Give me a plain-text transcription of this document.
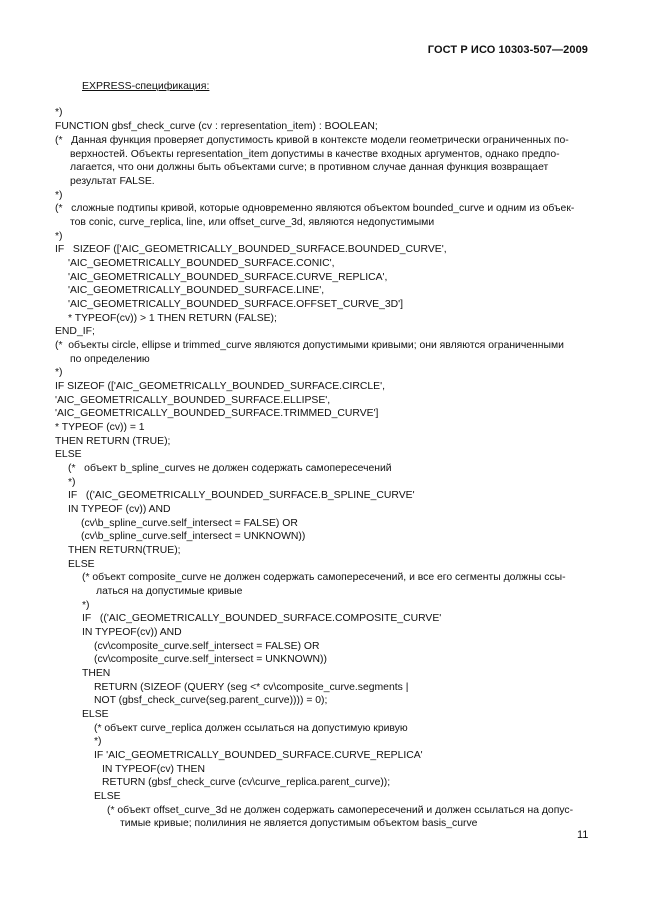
ГОСТ Р ИСО 10303-507—2009
EXPRESS-спецификация:
*)
FUNCTION gbsf_check_curve (cv : representation_item) : BOOLEAN;
(*   Данная функция проверяет допустимость кривой в контексте модели геометрически ограниченных по-
верхностей. Объекты representation_item допустимы в качестве входных аргументов, однако предпо-
лагается, что они должны быть объектами curve; в противном случае данная функция возвращает
результат FALSE.
*)
(*   сложные подтипы кривой, которые одновременно являются объектом bounded_curve и одним из объек-
тов conic, curve_replica, line, или offset_curve_3d, являются недопустимыми
*)
IF   SIZEOF (['AIC_GEOMETRICALLY_BOUNDED_SURFACE.BOUNDED_CURVE',
'AIC_GEOMETRICALLY_BOUNDED_SURFACE.CONIC',
'AIC_GEOMETRICALLY_BOUNDED_SURFACE.CURVE_REPLICA',
'AIC_GEOMETRICALLY_BOUNDED_SURFACE.LINE',
'AIC_GEOMETRICALLY_BOUNDED_SURFACE.OFFSET_CURVE_3D']
* TYPEOF(cv)) > 1 THEN RETURN (FALSE);
END_IF;
(*  объекты circle, ellipse и trimmed_curve являются допустимыми кривыми; они являются ограниченными
по определению
*)
IF SIZEOF (['AIC_GEOMETRICALLY_BOUNDED_SURFACE.CIRCLE',
'AIC_GEOMETRICALLY_BOUNDED_SURFACE.ELLIPSE',
'AIC_GEOMETRICALLY_BOUNDED_SURFACE.TRIMMED_CURVE']
* TYPEOF (cv)) = 1
THEN RETURN (TRUE);
ELSE
(*   объект b_spline_curves не должен содержать самопересечений
*)
IF   (('AIC_GEOMETRICALLY_BOUNDED_SURFACE.B_SPLINE_CURVE'
IN TYPEOF (cv)) AND
(cv\b_spline_curve.self_intersect = FALSE) OR
(cv\b_spline_curve.self_intersect = UNKNOWN))
THEN RETURN(TRUE);
ELSE
(* объект composite_curve не должен содержать самопересечений, и все его сегменты должны ссы-
латься на допустимые кривые
*)
IF   (('AIC_GEOMETRICALLY_BOUNDED_SURFACE.COMPOSITE_CURVE'
IN TYPEOF(cv)) AND
(cv\composite_curve.self_intersect = FALSE) OR
(cv\composite_curve.self_intersect = UNKNOWN))
THEN
RETURN (SIZEOF (QUERY (seg <* cv\composite_curve.segments |
NOT (gbsf_check_curve(seg.parent_curve)))) = 0);
ELSE
(* объект curve_replica должен ссылаться на допустимую кривую
*)
IF 'AIC_GEOMETRICALLY_BOUNDED_SURFACE.CURVE_REPLICA'
IN TYPEOF(cv) THEN
RETURN (gbsf_check_curve (cv\curve_replica.parent_curve));
ELSE
(* объект offset_curve_3d не должен содержать самопересечений и должен ссылаться на допус-
тимые кривые; полилиния не является допустимым объектом basis_curve
11
